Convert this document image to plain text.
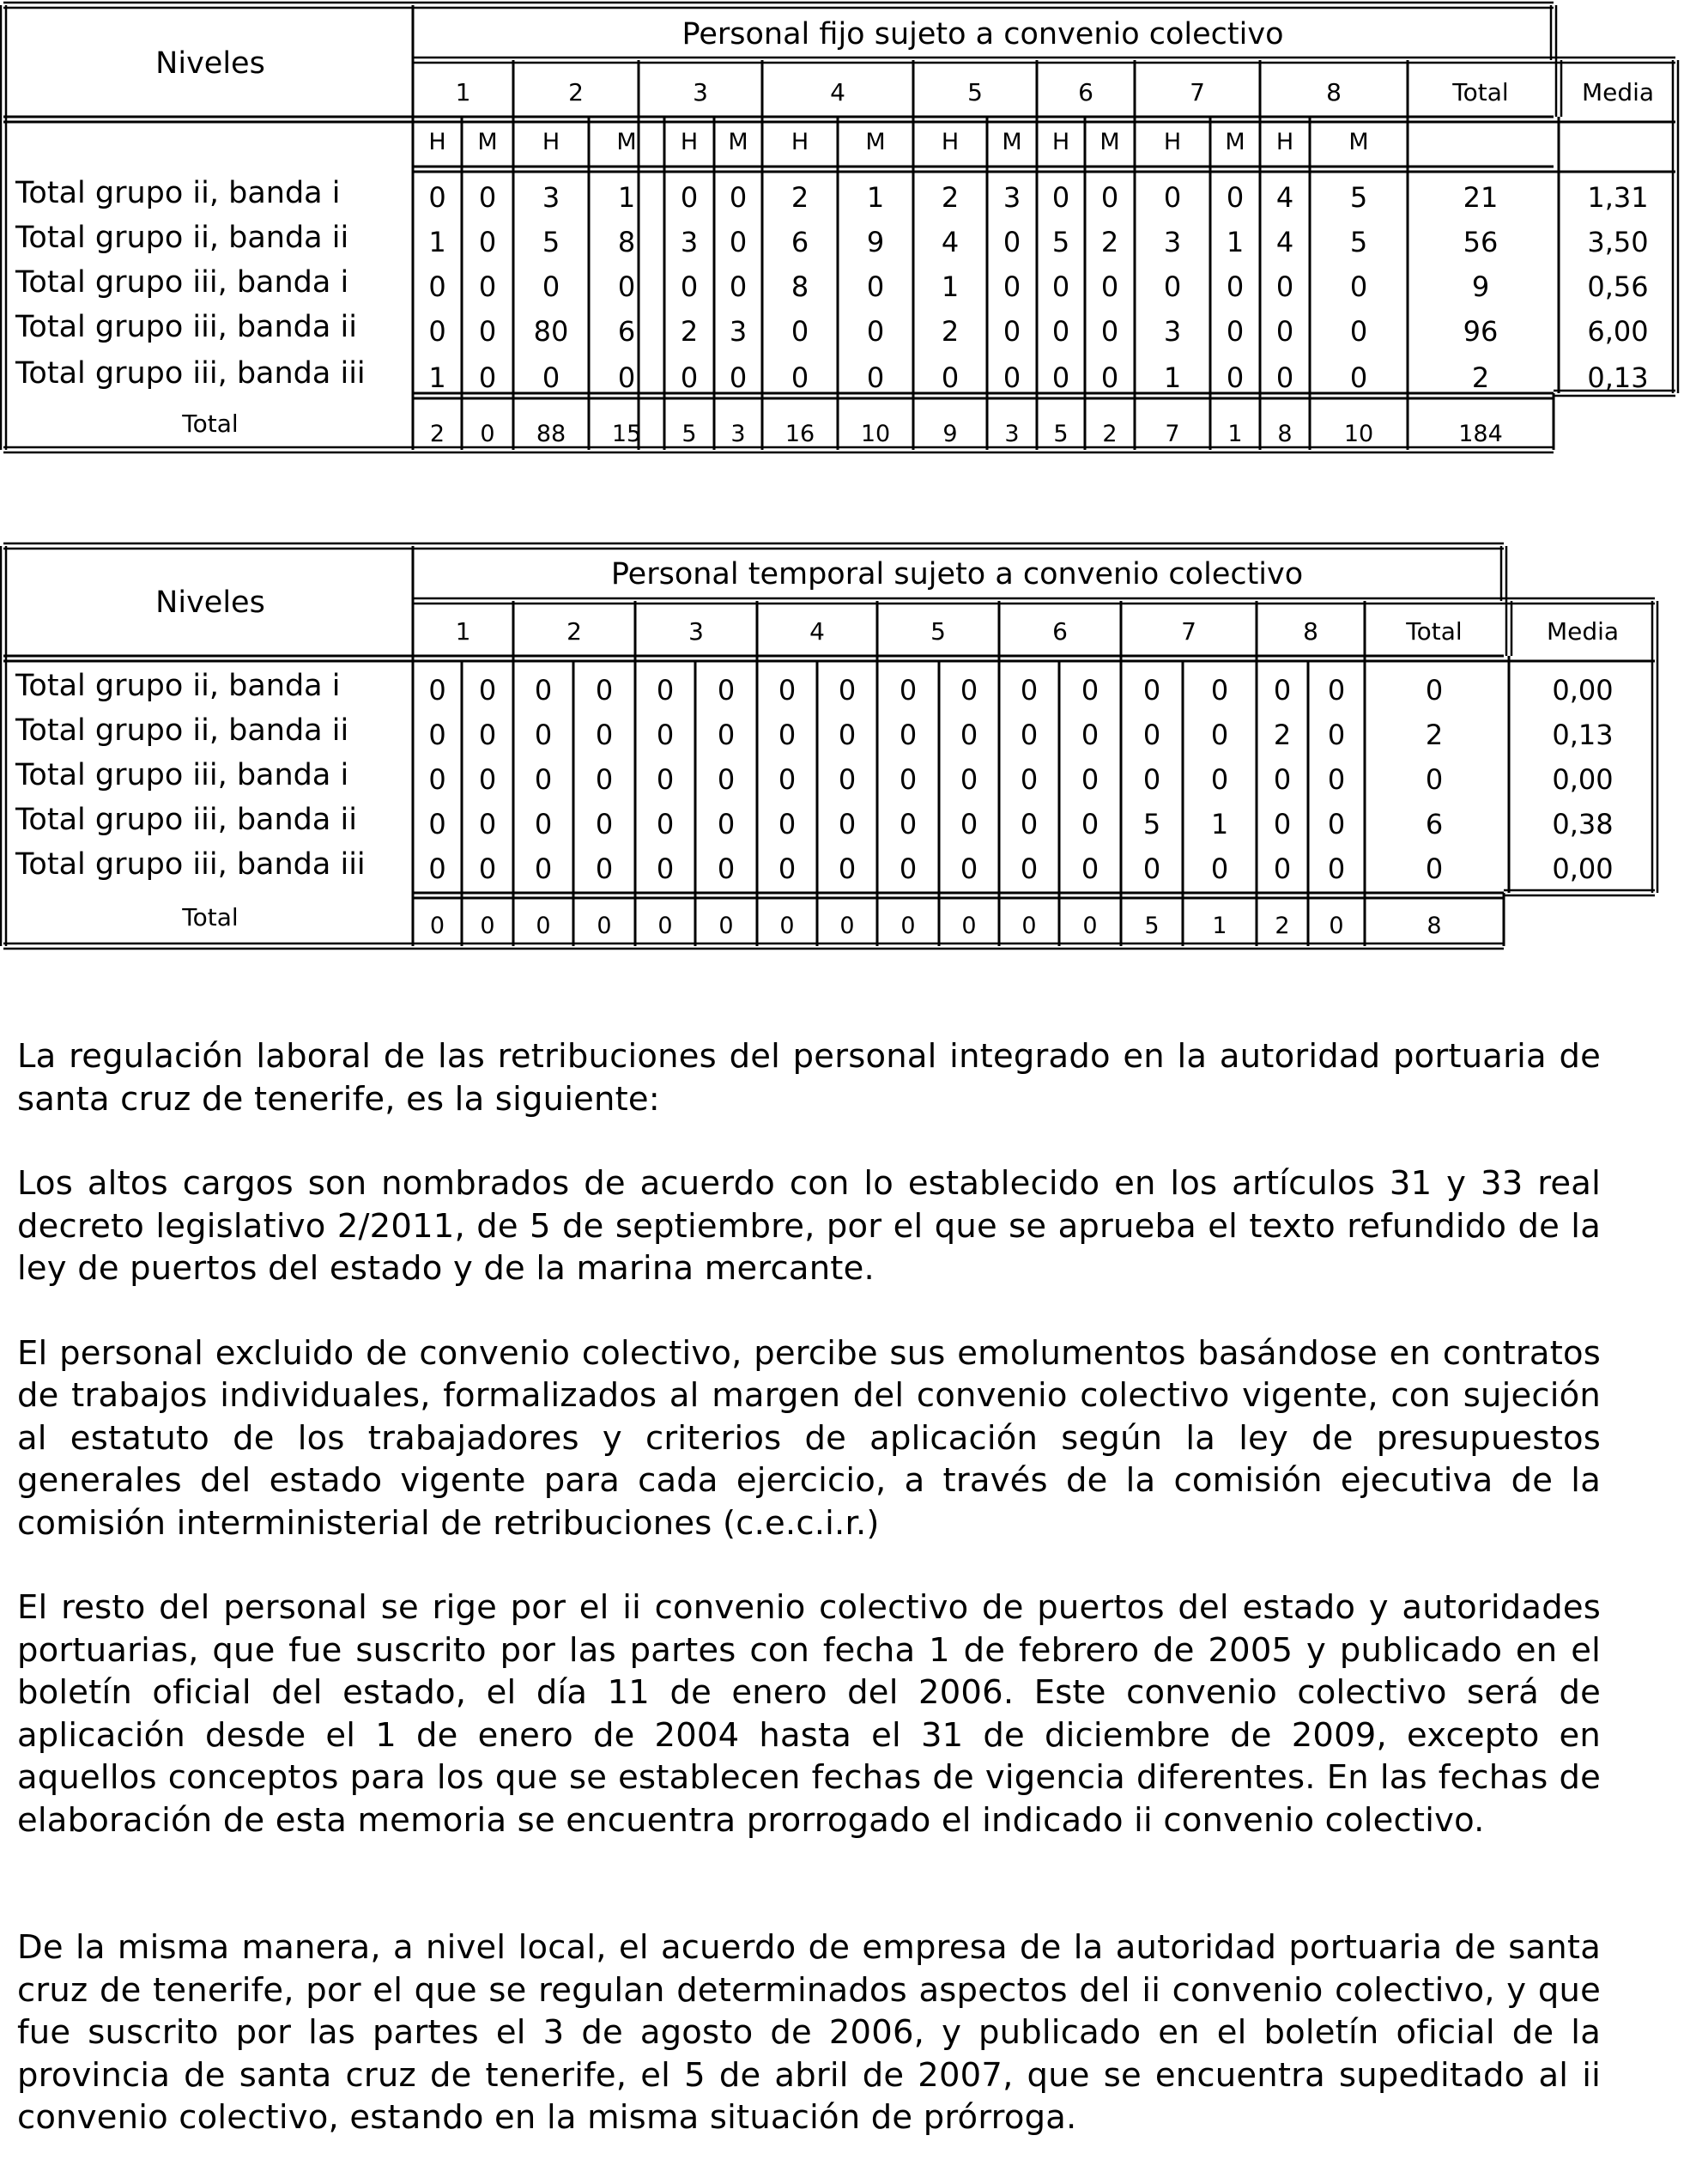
Niveles
Personal fijo sujeto a convenio colectivo
1	2	3	4	5	6	7	8	Total	Media
H	M	H	M	H	M	H	M	H	M	H	M	H	M	H	M
Total grupo ii, banda i	0	0	3	1	0	0	2	1	2	3	0	0	0	0	4	5	21	1,31
Total grupo ii, banda ii	1	0	5	8	3	0	6	9	4	0	5	2	3	1	4	5	56	3,50
Total grupo iii, banda i	0	0	0	0	0	0	8	0	1	0	0	0	0	0	0	0	9	0,56
Total grupo iii, banda ii	0	0	80	6	2	3	0	0	2	0	0	0	3	0	0	0	96	6,00
Total grupo iii, banda iii	1	0	0	0	0	0	0	0	0	0	0	0	1	0	0	0	2	0,13
Total	2	0	88	15	5	3	16	10	9	3	5	2	7	1	8	10	184
Niveles
Personal temporal sujeto a convenio colectivo
1	2	3	4	5	6	7	8	Total	Media
Total grupo ii, banda i	0	0	0	0	0	0	0	0	0	0	0	0	0	0	0	0	0	0,00
Total grupo ii, banda ii	0	0	0	0	0	0	0	0	0	0	0	0	0	0	2	0	2	0,13
Total grupo iii, banda i	0	0	0	0	0	0	0	0	0	0	0	0	0	0	0	0	0	0,00
Total grupo iii, banda ii	0	0	0	0	0	0	0	0	0	0	0	0	5	1	0	0	6	0,38
Total grupo iii, banda iii	0	0	0	0	0	0	0	0	0	0	0	0	0	0	0	0	0	0,00
Total	0	0	0	0	0	0	0	0	0	0	0	0	5	1	2	0	8

La regulación laboral de las retribuciones del personal integrado en la autoridad portuaria de santa cruz de tenerife, es la siguiente:

Los altos cargos son nombrados de acuerdo con lo establecido en los artículos 31 y 33 real decreto legislativo 2/2011, de 5 de septiembre, por el que se aprueba el texto refundido de la ley de puertos del estado y de la marina mercante.

El personal excluido de convenio colectivo, percibe sus emolumentos basándose en contratos de trabajos individuales, formalizados al margen del convenio colectivo vigente, con sujeción al estatuto de los trabajadores y criterios de aplicación según la ley de presupuestos generales del estado vigente para cada ejercicio, a través de la comisión ejecutiva de la comisión interministerial de retribuciones (c.e.c.i.r.)

El resto del personal se rige por el ii convenio colectivo de puertos del estado y autoridades portuarias, que fue suscrito por las partes con fecha 1 de febrero de 2005 y publicado en el boletín oficial del estado, el día 11 de enero del 2006. Este convenio colectivo será de aplicación desde el 1 de enero de 2004 hasta el 31 de diciembre de 2009, excepto en aquellos conceptos para los que se establecen fechas de vigencia diferentes. En las fechas de elaboración de esta memoria se encuentra prorrogado el indicado ii convenio colectivo.

De la misma manera, a nivel local, el acuerdo de empresa de la autoridad portuaria de santa cruz de tenerife, por el que se regulan determinados aspectos del ii convenio colectivo, y que fue suscrito por las partes el 3 de agosto de 2006, y publicado en el boletín oficial de la provincia de santa cruz de tenerife, el 5 de abril de 2007, que se encuentra supeditado al ii convenio colectivo, estando en la misma situación de prórroga.
